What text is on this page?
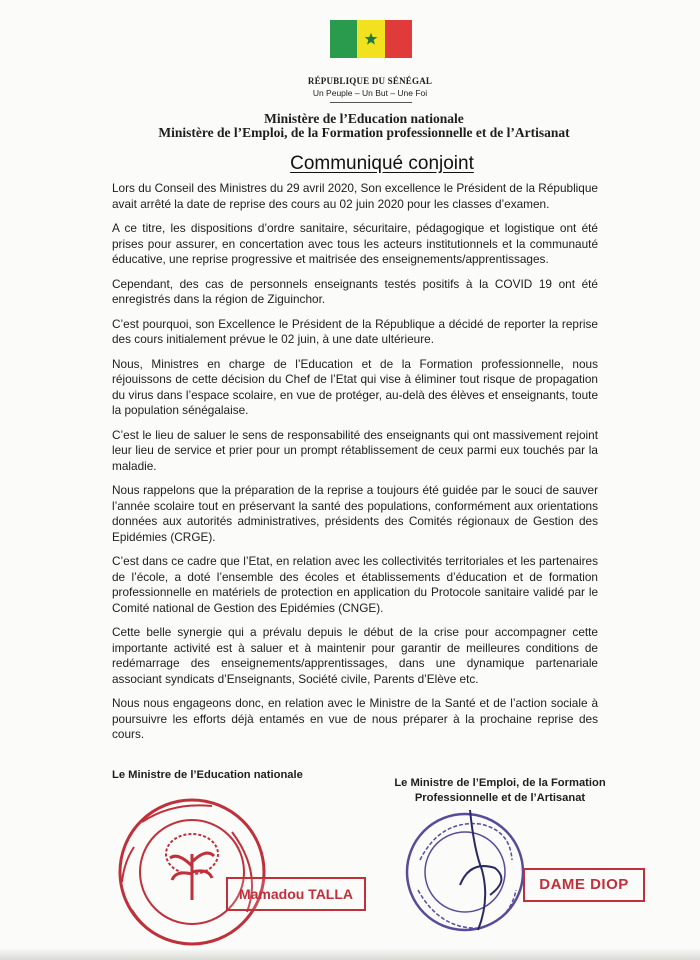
RÉPUBLIQUE DU SÉNÉGAL
Un Peuple – Un But – Une Foi
Ministère de l’Education nationale
Ministère de l’Emploi, de la Formation professionnelle et de l’Artisanat
Communiqué conjoint

Lors du Conseil des Ministres du 29 avril 2020, Son excellence le Président de la République avait arrêté la date de reprise des cours au 02 juin 2020 pour les classes d’examen.

A ce titre, les dispositions d’ordre sanitaire, sécuritaire, pédagogique et logistique ont été prises pour assurer, en concertation avec tous les acteurs institutionnels et la communauté éducative, une reprise progressive et maitrisée des enseignements/apprentissages.

Cependant, des cas de personnels enseignants testés positifs à la COVID 19 ont été enregistrés dans la région de Ziguinchor.

C’est pourquoi, son Excellence le Président de la République a décidé de reporter la reprise des cours initialement prévue le 02 juin, à une date ultérieure.

Nous, Ministres en charge de l’Education et de la Formation professionnelle, nous réjouissons de cette décision du Chef de l’Etat qui vise à éliminer tout risque de propagation du virus dans l’espace scolaire, en vue de protéger, au-delà des élèves et enseignants, toute la population sénégalaise.

C’est le lieu de saluer le sens de responsabilité des enseignants qui ont massivement rejoint leur lieu de service et prier pour un prompt rétablissement de ceux parmi eux touchés par la maladie.

Nous rappelons que la préparation de la reprise a toujours été guidée par le souci de sauver l’année scolaire tout en préservant la santé des populations, conformément aux orientations données aux autorités administratives, présidents des Comités régionaux de Gestion des Epidémies (CRGE).

C’est dans ce cadre que l’Etat, en relation avec les collectivités territoriales et les partenaires de l’école, a doté l’ensemble des écoles et établissements d’éducation et de formation professionnelle en matériels de protection en application du Protocole sanitaire validé par le Comité national de Gestion des Epidémies (CNGE).

Cette belle synergie qui a prévalu depuis le début de la crise pour accompagner cette importante activité est à saluer et à maintenir pour garantir de meilleures conditions de redémarrage des enseignements/apprentissages, dans une dynamique partenariale associant syndicats d’Enseignants, Société civile, Parents d’Elève etc.

Nous nous engageons donc, en relation avec le Ministre de la Santé et de l’action sociale à poursuivre les efforts déjà entamés en vue de nous préparer à la prochaine reprise des cours.

Le Ministre de l’Education nationale
Le Ministre de l’Emploi, de la Formation
Professionnelle et de l’Artisanat
Mamadou TALLA
DAME DIOP
